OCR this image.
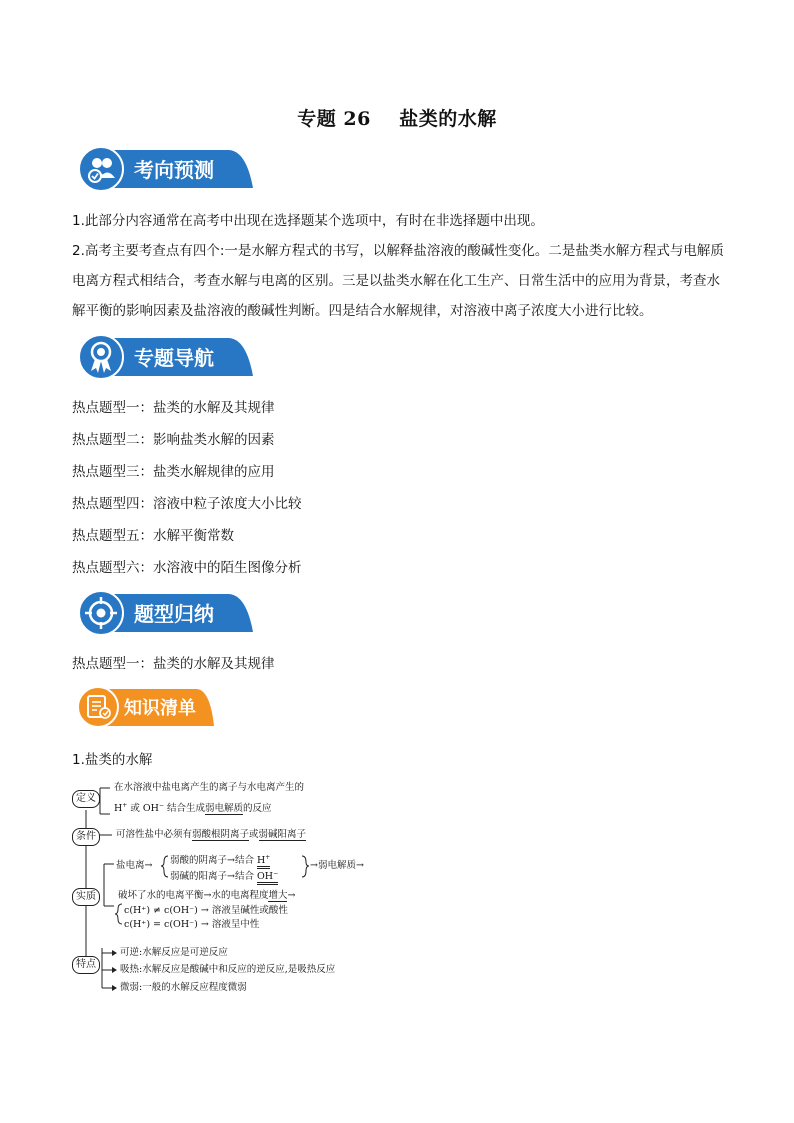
专题 26    盐类的水解
考向预测

1.此部分内容通常在高考中出现在选择题某个选项中，有时在非选择题中出现。

2.高考主要考查点有四个:一是水解方程式的书写，以解释盐溶液的酸碱性变化。二是盐类水解方程式与电解质电离方程式相结合，考查水解与电离的区别。三是以盐类水解在化工生产、日常生活中的应用为背景，考查水解平衡的影响因素及盐溶液的酸碱性判断。四是结合水解规律，对溶液中离子浓度大小进行比较。

专题导航
热点题型一：盐类的水解及其规律
热点题型二：影响盐类水解的因素
热点题型三：盐类水解规律的应用
热点题型四：溶液中粒子浓度大小比较
热点题型五：水解平衡常数
热点题型六：水溶液中的陌生图像分析
题型归纳
热点题型一：盐类的水解及其规律
知识清单
1.盐类的水解
定义
条件
实质
特点
在水溶液中盐电离产生的离子与水电离产生的
H+ 或 OH− 结合生成弱电解质的反应
可溶性盐中必须有弱酸根阴离子或弱碱阳离子
盐电离→ 弱酸的阴离子→结合 H+
弱碱的阳离子→结合 OH−
→弱电解质→
破坏了水的电离平衡→水的电离程度增大→
c(H⁺) ≠ c(OH⁻) → 溶液呈碱性或酸性
c(H⁺) = c(OH⁻) → 溶液呈中性
可逆:水解反应是可逆反应
吸热:水解反应是酸碱中和反应的逆反应,是吸热反应
微弱:一般的水解反应程度微弱
